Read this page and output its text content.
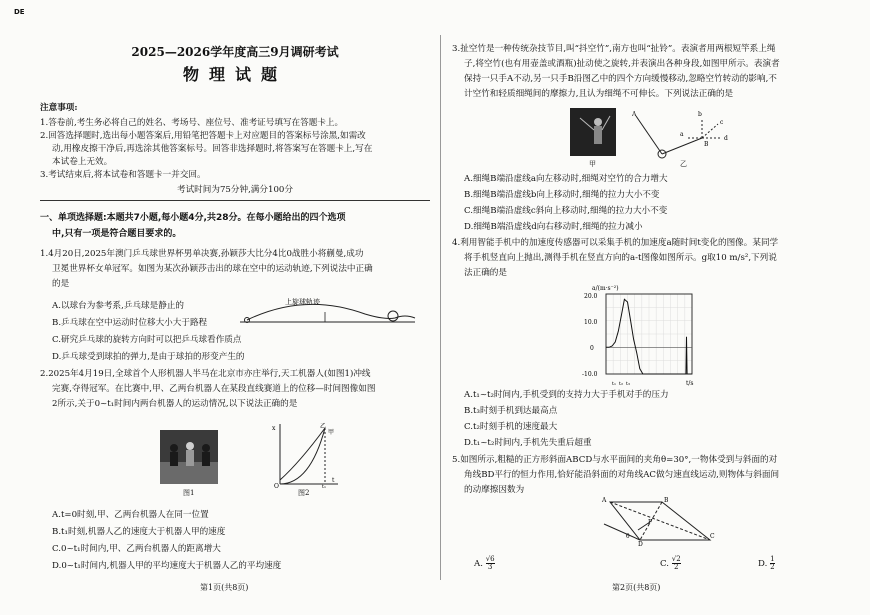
DE
2025—2026学年度高三9月调研考试
物理试题
注意事项:
1.答卷前,考生务必将自己的姓名、考场号、座位号、准考证号填写在答题卡上。
2.回答选择题时,选出每小题答案后,用铅笔把答题卡上对应题目的答案标号涂黑,如需改
动,用橡皮擦干净后,再选涂其他答案标号。回答非选择题时,将答案写在答题卡上,写在
本试卷上无效。
3.考试结束后,将本试卷和答题卡一并交回。
考试时间为75分钟,满分100分
一、单项选择题:本题共7小题,每小题4分,共28分。在每小题给出的四个选项
中,只有一项是符合题目要求的。
1.4月20日,2025年澳门乒乓球世界杯男单决赛,孙颖莎大比分4比0战胜小将蒯曼,成功
卫冕世界杯女单冠军。如图为某次孙颖莎击出的球在空中的运动轨迹,下列说法中正确
的是
上旋球轨迹
A.以球台为参考系,乒乓球是静止的
B.乒乓球在空中运动时位移大小大于路程
C.研究乒乓球的旋转方向时可以把乒乓球看作质点
D.乒乓球受到球拍的弹力,是由于球拍的形变产生的
2.2025年4月19日,全球首个人形机器人半马在北京市亦庄举行,天工机器人(如图1)冲线
完赛,夺得冠军。在比赛中,甲、乙两台机器人在某段直线赛道上的位移—时间图像如图
2所示,关于0~t₁时间内两台机器人的运动情况,以下说法正确的是
图1
t
x
O
乙
甲
t₁
图2
A.t=0时刻,甲、乙两台机器人在同一位置
B.t₁时刻,机器人乙的速度大于机器人甲的速度
C.0~t₁时间内,甲、乙两台机器人的距离增大
D.0~t₁时间内,机器人甲的平均速度大于机器人乙的平均速度
第1页(共8页)
3.扯空竹是一种传统杂技节目,叫“抖空竹”,南方也叫“扯铃”。表演者用两根短竿系上绳
子,将空竹(也有用壶盖或酒瓶)扯动使之旋转,并表演出各种身段,如图甲所示。表演者
保持一只手A不动,另一只手B沿图乙中的四个方向缓慢移动,忽略空竹转动的影响,不
计空竹和轻质细绳间的摩擦力,且认为细绳不可伸长。下列说法正确的是
甲
A
B
a
b
c
d
乙
A.细绳B端沿虚线a向左移动时,细绳对空竹的合力增大
B.细绳B端沿虚线b向上移动时,细绳的拉力大小不变
C.细绳B端沿虚线c斜向上移动时,细绳的拉力大小不变
D.细绳B端沿虚线d向右移动时,细绳的拉力减小
4.利用智能手机中的加速度传感器可以采集手机的加速度a随时间t变化的图像。某同学
将手机竖直向上抛出,测得手机在竖直方向的a-t图像如图所示。g取10 m/s²,下列说
法正确的是
a/(m·s⁻²)
t/s
20.0
10.0
0
-10.0
t₁ t₂ t₃
A.t₁~t₂时间内,手机受到的支持力大于手机对手的压力
B.t₃时刻手机到达最高点
C.t₂时刻手机的速度最大
D.t₁~t₂时间内,手机先失重后超重
5.如图所示,粗糙的正方形斜面ABCD与水平面间的夹角θ=30°,一物体受到与斜面的对
角线BD平行的恒力作用,恰好能沿斜面的对角线AC做匀速直线运动,则物体与斜面间
的动摩擦因数为
A	B
C
D
F
θ
A. $\frac{√6}{3}$	C. $\frac{√2}{2}$	D. $\frac{1}{2}$
第2页(共8页)
